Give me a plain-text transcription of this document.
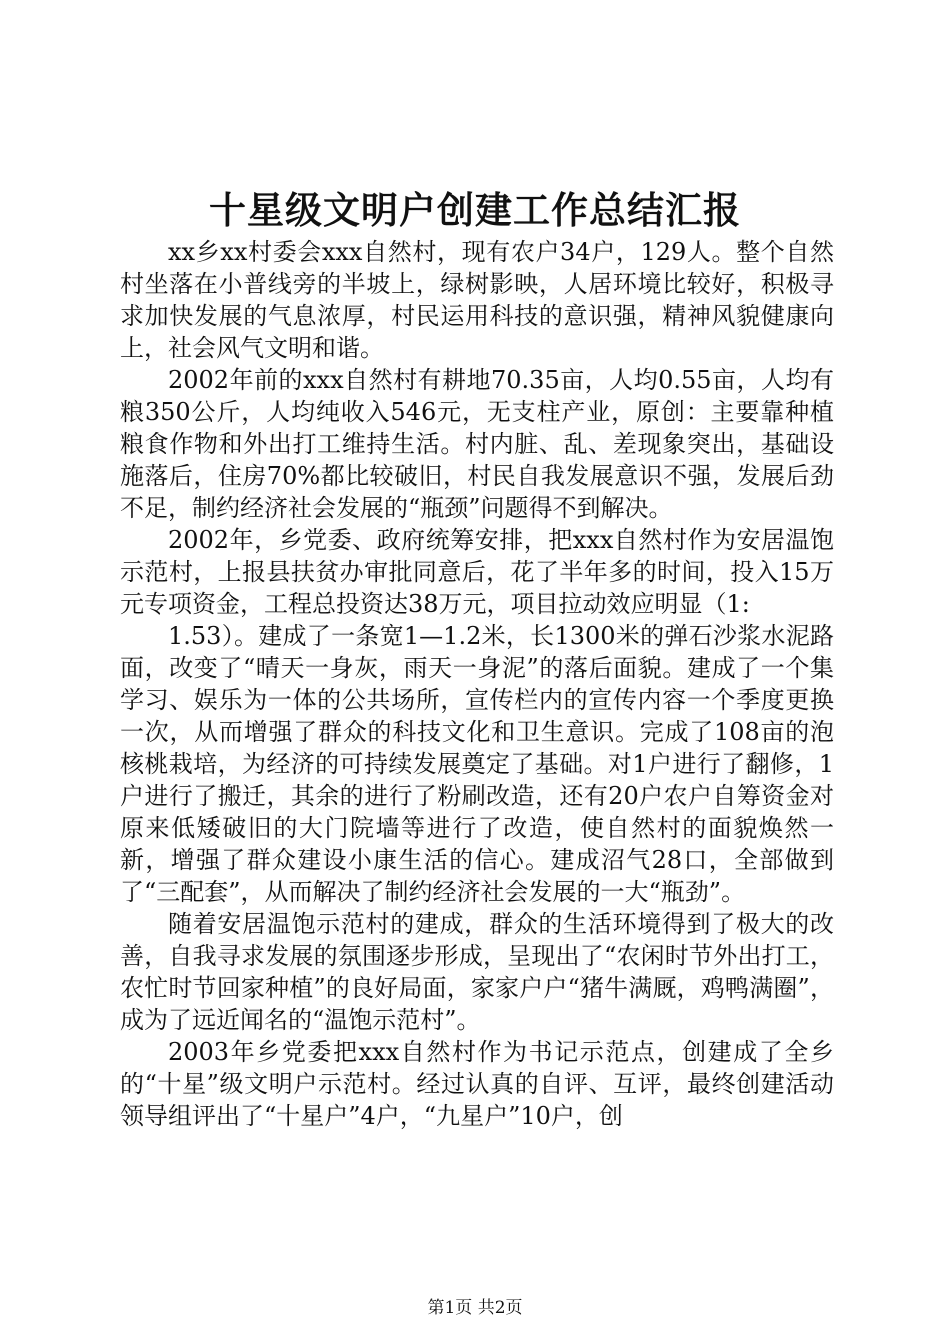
十星级文明户创建工作总结汇报

xx乡xx村委会xxx自然村，现有农户34户，129人。整个自然村坐落在小普线旁的半坡上，绿树影映，人居环境比较好，积极寻求加快发展的气息浓厚，村民运用科技的意识强，精神风貌健康向上，社会风气文明和谐。

2002年前的xxx自然村有耕地70.35亩，人均0.55亩，人均有粮350公斤，人均纯收入546元，无支柱产业，原创：主要靠种植粮食作物和外出打工维持生活。村内脏、乱、差现象突出，基础设施落后，住房70%都比较破旧，村民自我发展意识不强，发展后劲不足，制约经济社会发展的“瓶颈”问题得不到解决。

2002年，乡党委、政府统筹安排，把xxx自然村作为安居温饱示范村，上报县扶贫办审批同意后，花了半年多的时间，投入15万元专项资金，工程总投资达38万元，项目拉动效应明显（1:

1.53）。建成了一条宽1—1.2米，长1300米的弹石沙浆水泥路面，改变了“晴天一身灰，雨天一身泥”的落后面貌。建成了一个集学习、娱乐为一体的公共场所，宣传栏内的宣传内容一个季度更换一次，从而增强了群众的科技文化和卫生意识。完成了108亩的泡核桃栽培，为经济的可持续发展奠定了基础。对1户进行了翻修，1户进行了搬迁，其余的进行了粉刷改造，还有20户农户自筹资金对原来低矮破旧的大门院墙等进行了改造，使自然村的面貌焕然一新，增强了群众建设小康生活的信心。建成沼气28口，全部做到了“三配套”，从而解决了制约经济社会发展的一大“瓶劲”。

随着安居温饱示范村的建成，群众的生活环境得到了极大的改善，自我寻求发展的氛围逐步形成，呈现出了“农闲时节外出打工，农忙时节回家种植”的良好局面，家家户户“猪牛满厩，鸡鸭满圈”，成为了远近闻名的“温饱示范村”。

2003年乡党委把xxx自然村作为书记示范点，创建成了全乡的“十星”级文明户示范村。经过认真的自评、互评，最终创建活动领导组评出了“十星户”4户，“九星户”10户，创

第1页 共2页
